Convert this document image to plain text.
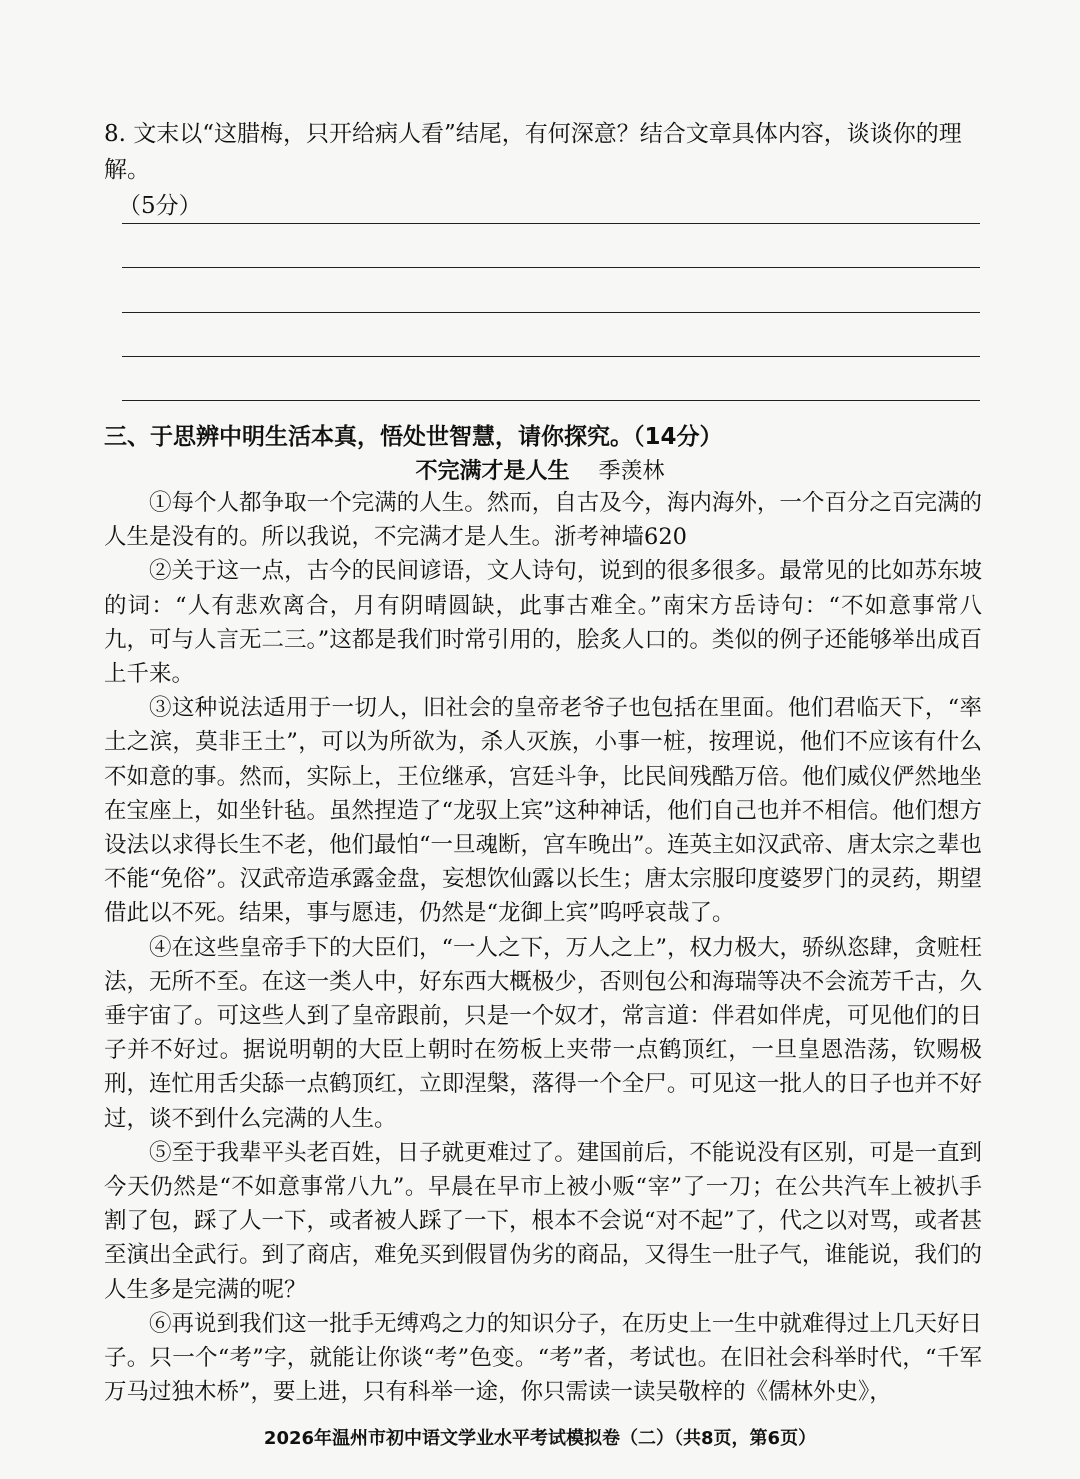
8. 文末以“这腊梅，只开给病人看”结尾，有何深意？结合文章具体内容，谈谈你的理解。
（5分）
三、于思辨中明生活本真，悟处世智慧，请你探究。（14分）
不完满才是人生 季羡林

①每个人都争取一个完满的人生。然而，自古及今，海内海外，一个百分之百完满的人生是没有的。所以我说，不完满才是人生。浙考神墙620

②关于这一点，古今的民间谚语，文人诗句，说到的很多很多。最常见的比如苏东坡的词：“人有悲欢离合，月有阴晴圆缺，此事古难全。”南宋方岳诗句：“不如意事常八九，可与人言无二三。”这都是我们时常引用的，脍炙人口的。类似的例子还能够举出成百上千来。

③这种说法适用于一切人，旧社会的皇帝老爷子也包括在里面。他们君临天下，“率土之滨，莫非王土”，可以为所欲为，杀人灭族，小事一桩，按理说，他们不应该有什么不如意的事。然而，实际上，王位继承，宫廷斗争，比民间残酷万倍。他们威仪俨然地坐在宝座上，如坐针毡。虽然捏造了“龙驭上宾”这种神话，他们自己也并不相信。他们想方设法以求得长生不老，他们最怕“一旦魂断，宫车晚出”。连英主如汉武帝、唐太宗之辈也不能“免俗”。汉武帝造承露金盘，妄想饮仙露以长生；唐太宗服印度婆罗门的灵药，期望借此以不死。结果，事与愿违，仍然是“龙御上宾”呜呼哀哉了。

④在这些皇帝手下的大臣们，“一人之下，万人之上”，权力极大，骄纵恣肆，贪赃枉法，无所不至。在这一类人中，好东西大概极少，否则包公和海瑞等决不会流芳千古，久垂宇宙了。可这些人到了皇帝跟前，只是一个奴才，常言道：伴君如伴虎，可见他们的日子并不好过。据说明朝的大臣上朝时在笏板上夹带一点鹤顶红，一旦皇恩浩荡，钦赐极刑，连忙用舌尖舔一点鹤顶红，立即涅槃，落得一个全尸。可见这一批人的日子也并不好过，谈不到什么完满的人生。

⑤至于我辈平头老百姓，日子就更难过了。建国前后，不能说没有区别，可是一直到今天仍然是“不如意事常八九”。早晨在早市上被小贩“宰”了一刀；在公共汽车上被扒手割了包，踩了人一下，或者被人踩了一下，根本不会说“对不起”了，代之以对骂，或者甚至演出全武行。到了商店，难免买到假冒伪劣的商品，又得生一肚子气，谁能说，我们的人生多是完满的呢？

⑥再说到我们这一批手无缚鸡之力的知识分子，在历史上一生中就难得过上几天好日子。只一个“考”字，就能让你谈“考”色变。“考”者，考试也。在旧社会科举时代，“千军万马过独木桥”，要上进，只有科举一途，你只需读一读吴敬梓的《儒林外史》，

2026年温州市初中语文学业水平考试模拟卷（二）（共8页，第6页）
